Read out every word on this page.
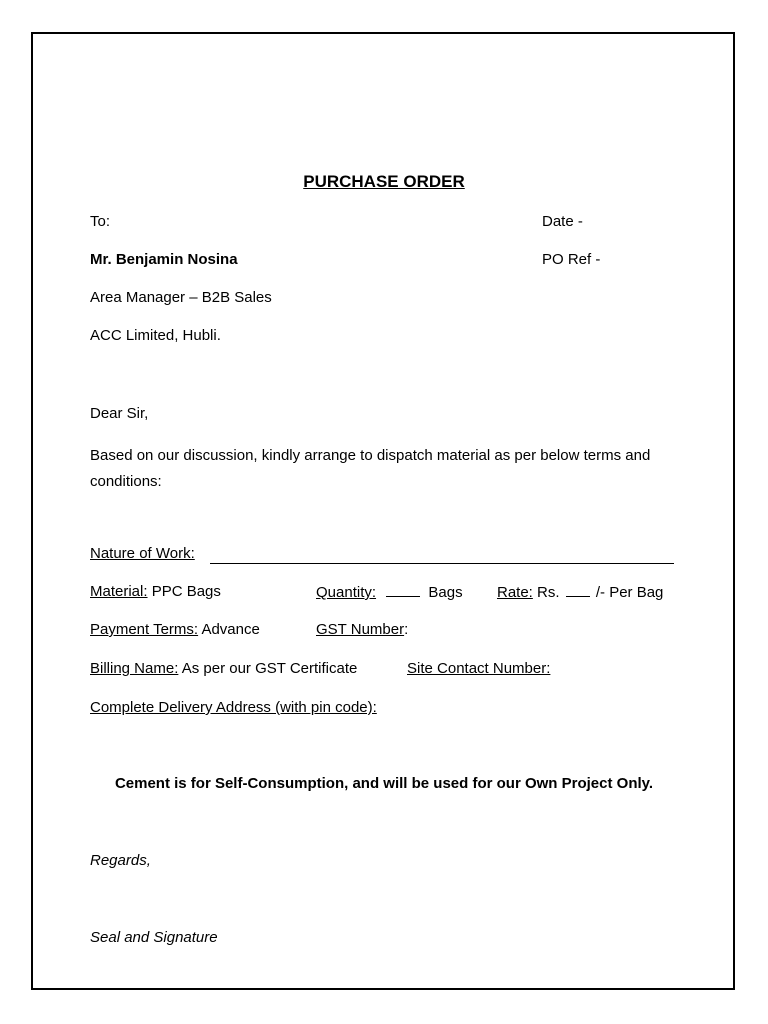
PURCHASE ORDER
To:	Date -
Mr. Benjamin Nosina	PO Ref -
Area Manager – B2B Sales
ACC Limited, Hubli.
Dear Sir,
Based on our discussion, kindly arrange to dispatch material as per below terms and conditions:
Nature of Work:
Material: PPC Bags	Quantity:	Bags Rate: Rs. /- Per Bag
Payment Terms: Advance	GST Number:
Billing Name: As per our GST Certificate	Site Contact Number:
Complete Delivery Address (with pin code):
Cement is for Self-Consumption, and will be used for our Own Project Only.
Regards,
Seal and Signature
